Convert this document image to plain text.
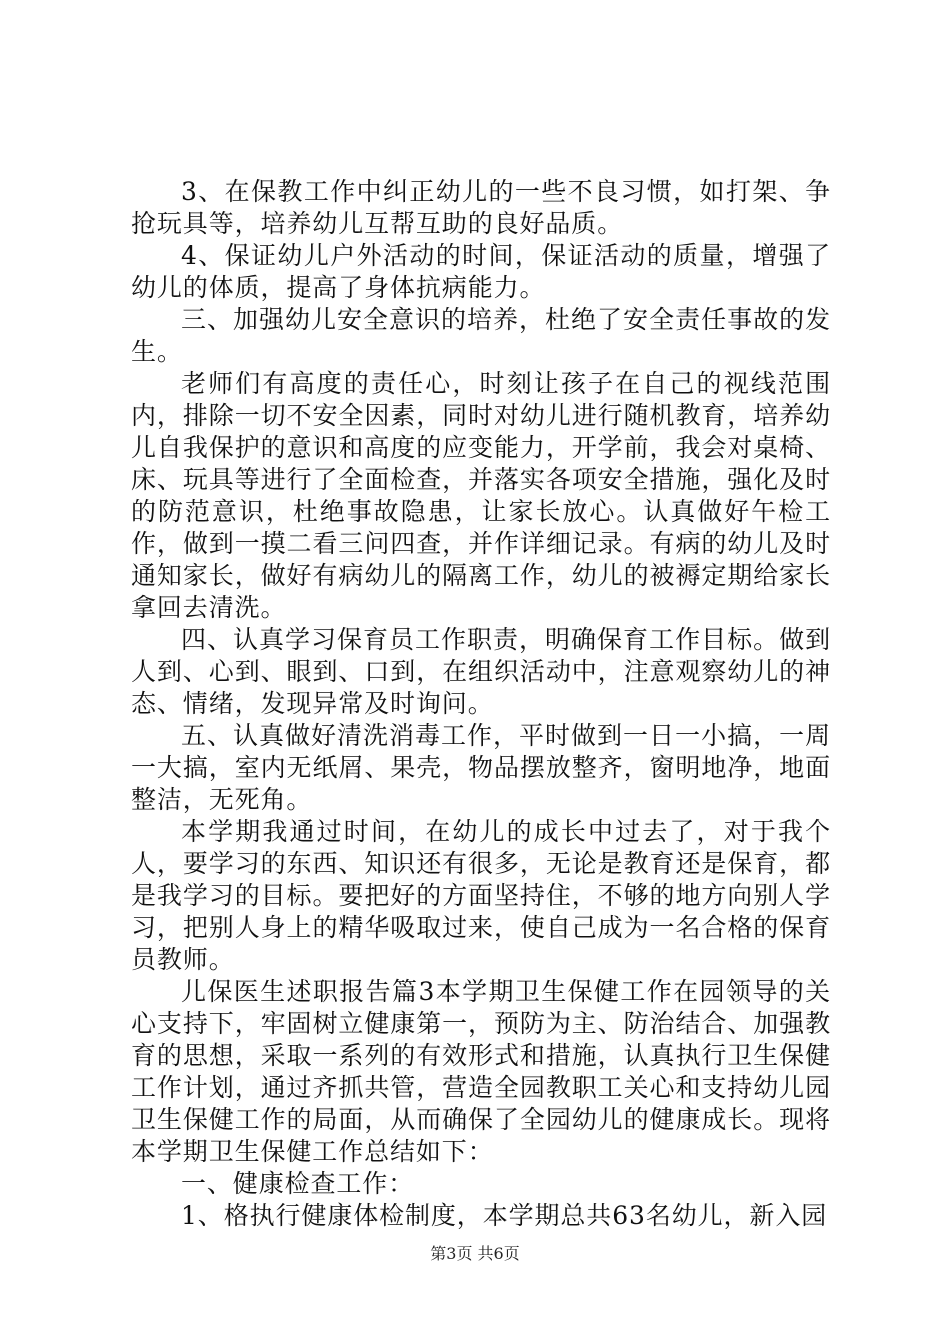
3、在保教工作中纠正幼儿的一些不良习惯，如打架、争抢玩具等，培养幼儿互帮互助的良好品质。

4、保证幼儿户外活动的时间，保证活动的质量，增强了幼儿的体质，提高了身体抗病能力。

三、加强幼儿安全意识的培养，杜绝了安全责任事故的发生。

老师们有高度的责任心，时刻让孩子在自己的视线范围内，排除一切不安全因素，同时对幼儿进行随机教育，培养幼儿自我保护的意识和高度的应变能力，开学前，我会对桌椅、床、玩具等进行了全面检查，并落实各项安全措施，强化及时的防范意识，杜绝事故隐患，让家长放心。认真做好午检工作，做到一摸二看三问四查，并作详细记录。有病的幼儿及时通知家长，做好有病幼儿的隔离工作，幼儿的被褥定期给家长拿回去清洗。

四、认真学习保育员工作职责，明确保育工作目标。做到人到、心到、眼到、口到，在组织活动中，注意观察幼儿的神态、情绪，发现异常及时询问。

五、认真做好清洗消毒工作，平时做到一日一小搞，一周一大搞，室内无纸屑、果壳，物品摆放整齐，窗明地净，地面整洁，无死角。

本学期我通过时间，在幼儿的成长中过去了，对于我个人，要学习的东西、知识还有很多，无论是教育还是保育，都是我学习的目标。要把好的方面坚持住，不够的地方向别人学习，把别人身上的精华吸取过来，使自己成为一名合格的保育员教师。

儿保医生述职报告篇3本学期卫生保健工作在园领导的关心支持下，牢固树立健康第一，预防为主、防治结合、加强教育的思想，采取一系列的有效形式和措施，认真执行卫生保健工作计划，通过齐抓共管，营造全园教职工关心和支持幼儿园卫生保健工作的局面，从而确保了全园幼儿的健康成长。现将本学期卫生保健工作总结如下：

一、健康检查工作：

1、格执行健康体检制度，本学期总共63名幼儿，新入园

第3页 共6页
